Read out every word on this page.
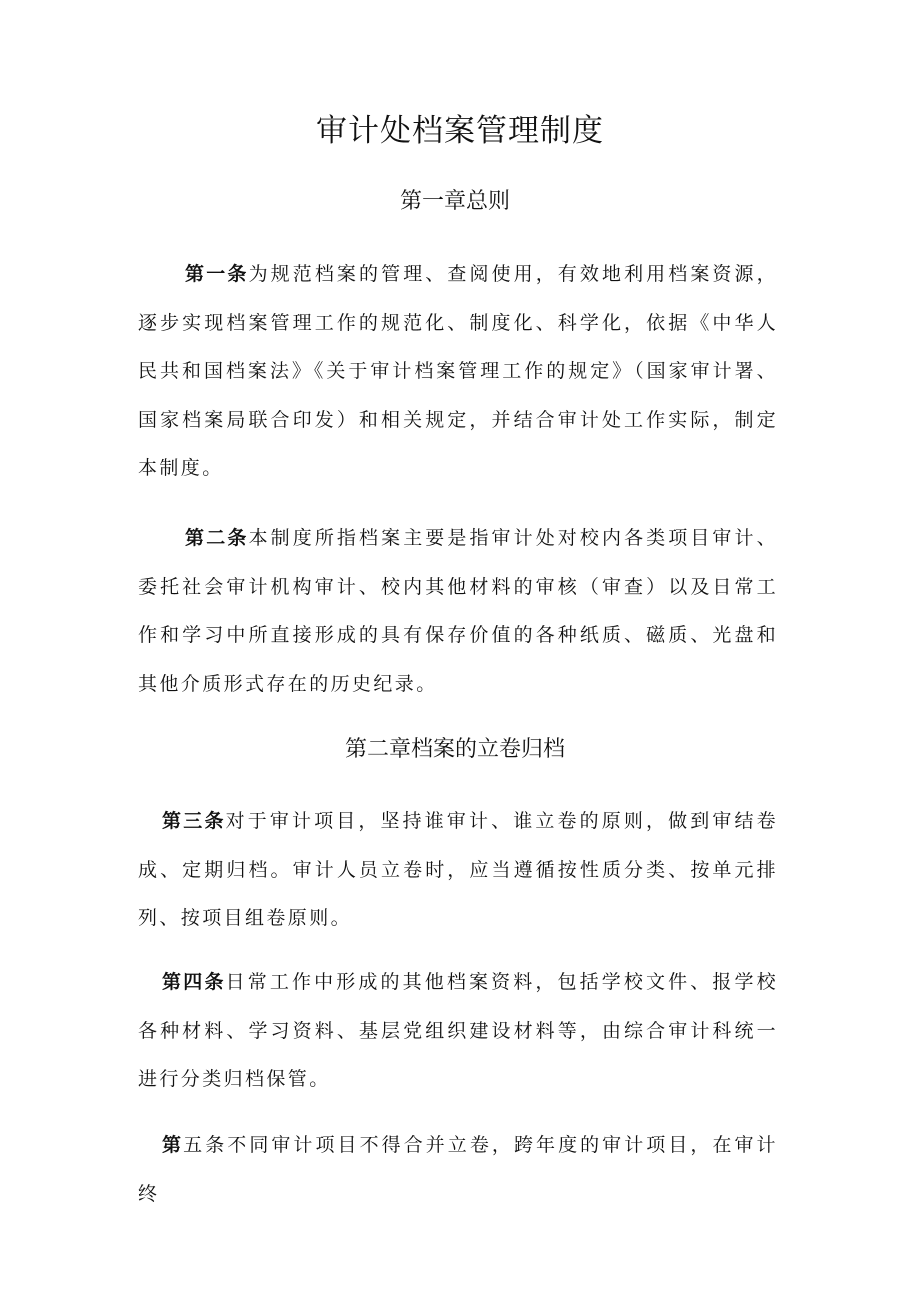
审计处档案管理制度
第一章总则

第一条为规范档案的管理、查阅使用，有效地利用档案资源，逐步实现档案管理工作的规范化、制度化、科学化，依据《中华人民共和国档案法》《关于审计档案管理工作的规定》（国家审计署、国家档案局联合印发）和相关规定，并结合审计处工作实际，制定本制度。

第二条本制度所指档案主要是指审计处对校内各类项目审计、委托社会审计机构审计、校内其他材料的审核（审查）以及日常工作和学习中所直接形成的具有保存价值的各种纸质、磁质、光盘和其他介质形式存在的历史纪录。

第二章档案的立卷归档

第三条对于审计项目，坚持谁审计、谁立卷的原则，做到审结卷成、定期归档。审计人员立卷时，应当遵循按性质分类、按单元排列、按项目组卷原则。

第四条日常工作中形成的其他档案资料，包括学校文件、报学校各种材料、学习资料、基层党组织建设材料等，由综合审计科统一进行分类归档保管。

第五条不同审计项目不得合并立卷，跨年度的审计项目，在审计终
